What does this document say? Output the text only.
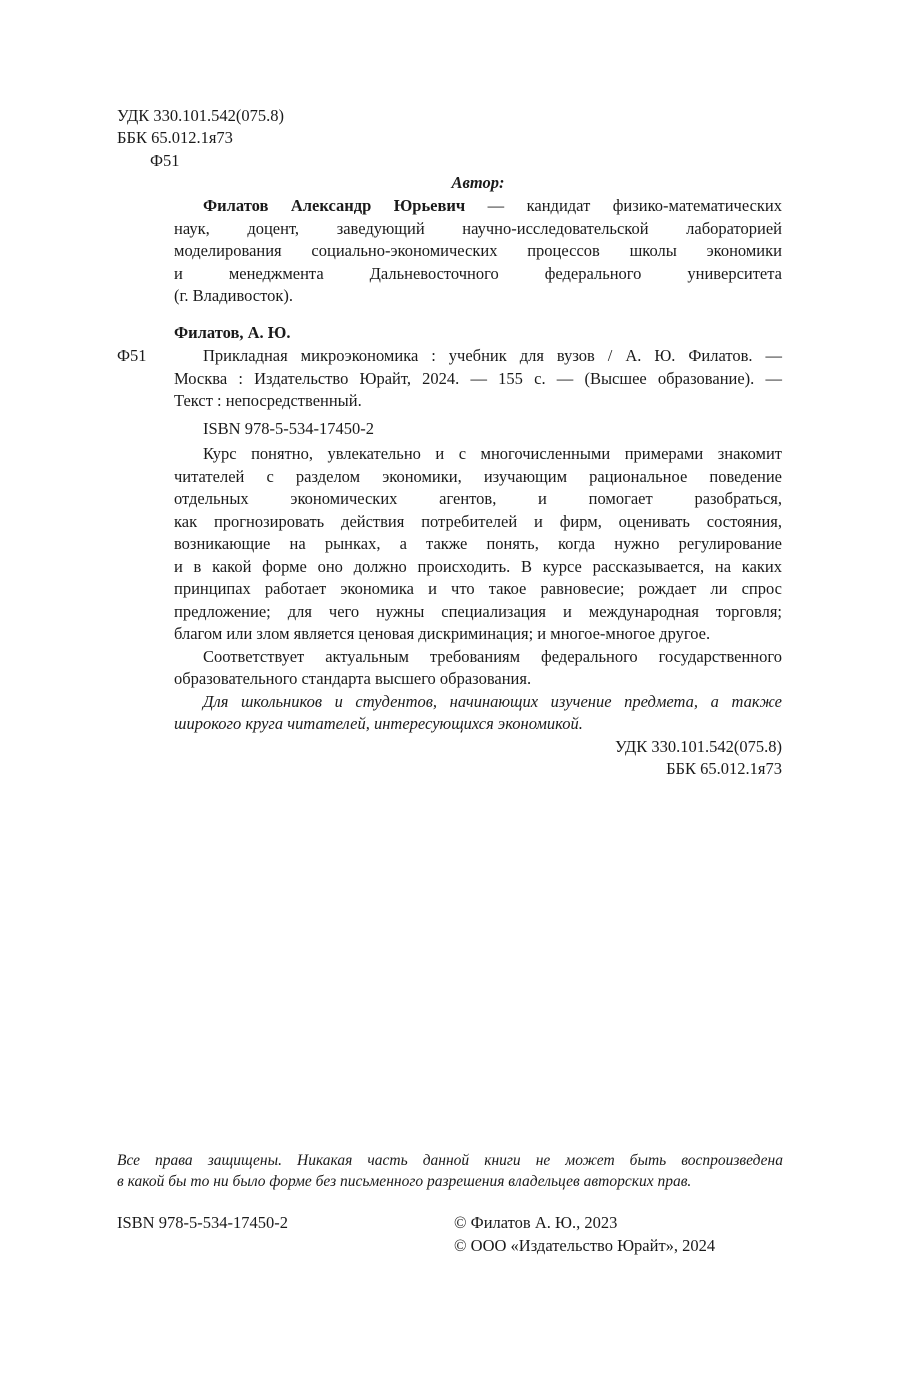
УДК 330.101.542(075.8)
ББК 65.012.1я73
Ф51
Автор:
Филатов Александр Юрьевич — кандидат физико-математических
наук, доцент, заведующий научно-исследовательской лабораторией
моделирования социально-экономических процессов школы экономики
и менеджмента Дальневосточного федерального университета
(г. Владивосток).
Филатов, А. Ю.
Ф51	Прикладная микроэкономика : учебник для вузов / А. Ю. Филатов. —
Москва : Издательство Юрайт, 2024. — 155 с. — (Высшее образование). —
Текст : непосредственный.
ISBN 978-5-534-17450-2
Курс понятно, увлекательно и с многочисленными примерами знакомит
читателей с разделом экономики, изучающим рациональное поведение
отдельных экономических агентов, и помогает разобраться,
как прогнозировать действия потребителей и фирм, оценивать состояния,
возникающие на рынках, а также понять, когда нужно регулирование
и в какой форме оно должно происходить. В курсе рассказывается, на каких
принципах работает экономика и что такое равновесие; рождает ли спрос
предложение; для чего нужны специализация и международная торговля;
благом или злом является ценовая дискриминация; и многое-многое другое.
Соответствует актуальным требованиям федерального государственного
образовательного стандарта высшего образования.
Для школьников и студентов, начинающих изучение предмета, а также
широкого круга читателей, интересующихся экономикой.
УДК 330.101.542(075.8)
ББК 65.012.1я73
Все права защищены. Никакая часть данной книги не может быть воспроизведена
в какой бы то ни было форме без письменного разрешения владельцев авторских прав.
ISBN 978-5-534-17450-2	© Филатов А. Ю., 2023
© ООО «Издательство Юрайт», 2024
